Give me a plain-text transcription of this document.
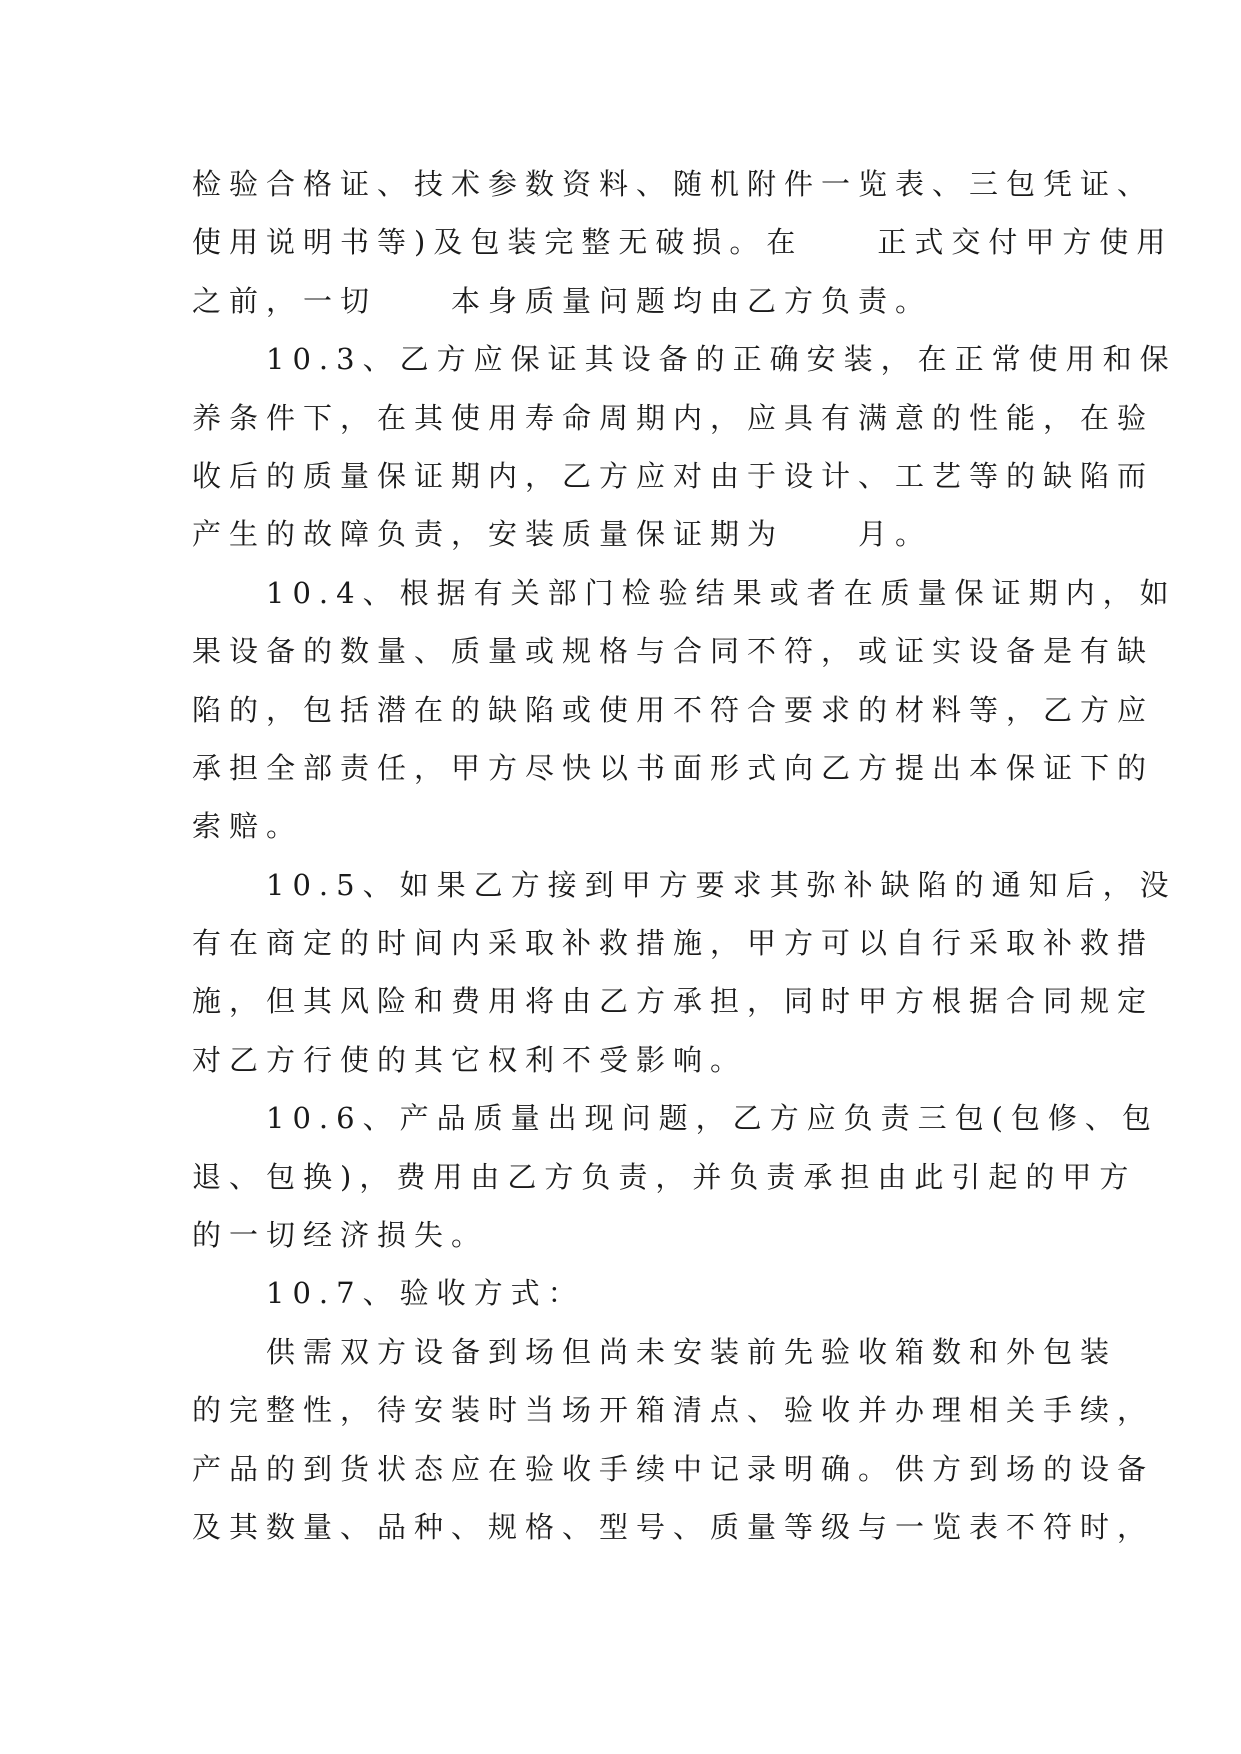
检验合格证、技术参数资料、随机附件一览表、三包凭证、
使用说明书等)及包装完整无破损。在　　正式交付甲方使用
之前，一切　　本身质量问题均由乙方负责。
　　10.3、乙方应保证其设备的正确安装，在正常使用和保
养条件下，在其使用寿命周期内，应具有满意的性能，在验
收后的质量保证期内，乙方应对由于设计、工艺等的缺陷而
产生的故障负责，安装质量保证期为　　月。
　　10.4、根据有关部门检验结果或者在质量保证期内，如
果设备的数量、质量或规格与合同不符，或证实设备是有缺
陷的，包括潜在的缺陷或使用不符合要求的材料等，乙方应
承担全部责任，甲方尽快以书面形式向乙方提出本保证下的
索赔。
　　10.5、如果乙方接到甲方要求其弥补缺陷的通知后，没
有在商定的时间内采取补救措施，甲方可以自行采取补救措
施，但其风险和费用将由乙方承担，同时甲方根据合同规定
对乙方行使的其它权利不受影响。
　　10.6、产品质量出现问题，乙方应负责三包(包修、包
退、包换)，费用由乙方负责，并负责承担由此引起的甲方
的一切经济损失。
　　10.7、验收方式：
　　供需双方设备到场但尚未安装前先验收箱数和外包装
的完整性，待安装时当场开箱清点、验收并办理相关手续，
产品的到货状态应在验收手续中记录明确。供方到场的设备
及其数量、品种、规格、型号、质量等级与一览表不符时，
